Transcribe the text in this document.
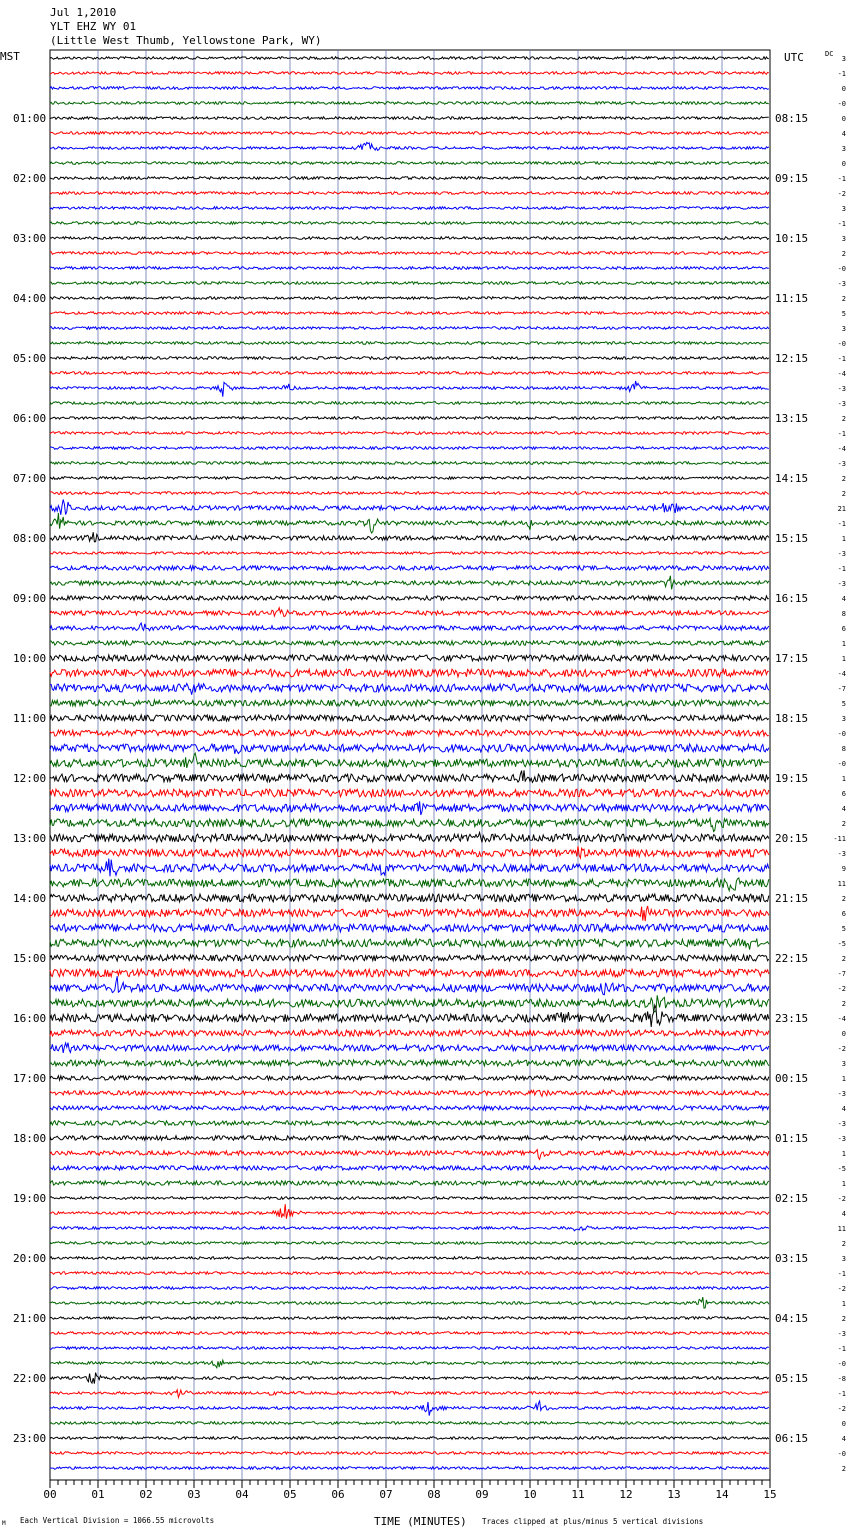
Jul 1,2010
YLT EHZ WY 01
(Little West Thumb, Yellowstone Park, WY)
MST	UTC	DC
01:00
02:00
03:00
04:00
05:00
06:00
07:00
08:00
09:00
10:00
11:00
12:00
13:00
14:00
15:00
16:00
17:00
18:00
19:00
20:00
21:00
22:00
23:00
08:15
09:15
10:15
11:15
12:15
13:15
14:15
15:15
16:15
17:15
18:15
19:15
20:15
21:15
22:15
23:15
00:15
01:15
02:15
03:15
04:15
05:15
06:15
3
-1
0
-0
0
4
3
0
-1
-2
3
-1
3
2
-0
-3
2
5
3
-0
-1
-4
-3
-3
2
-1
-4
-3
2
2
21
-1
1
-3
-1
-3
4
8
6
1
1
-4
-7
5
3
-0
8
-0
1
6
4
2
-11
-3
9
11
2
6
5
-5
2
-7
-2
2
-4
0
-2
3
1
-3
4
-3
-3
1
-5
1
-2
4
11
2
3
-1
-2
1
2
-3
-1
-0
-8
-1
-2
0
4
-0
2
00	01	02	03	04	05	06	07	08	09	10	11	12	13	14	15
M Each Vertical Division = 1066.55 microvolts	TIME (MINUTES) Traces clipped at plus/minus 5 vertical divisions
